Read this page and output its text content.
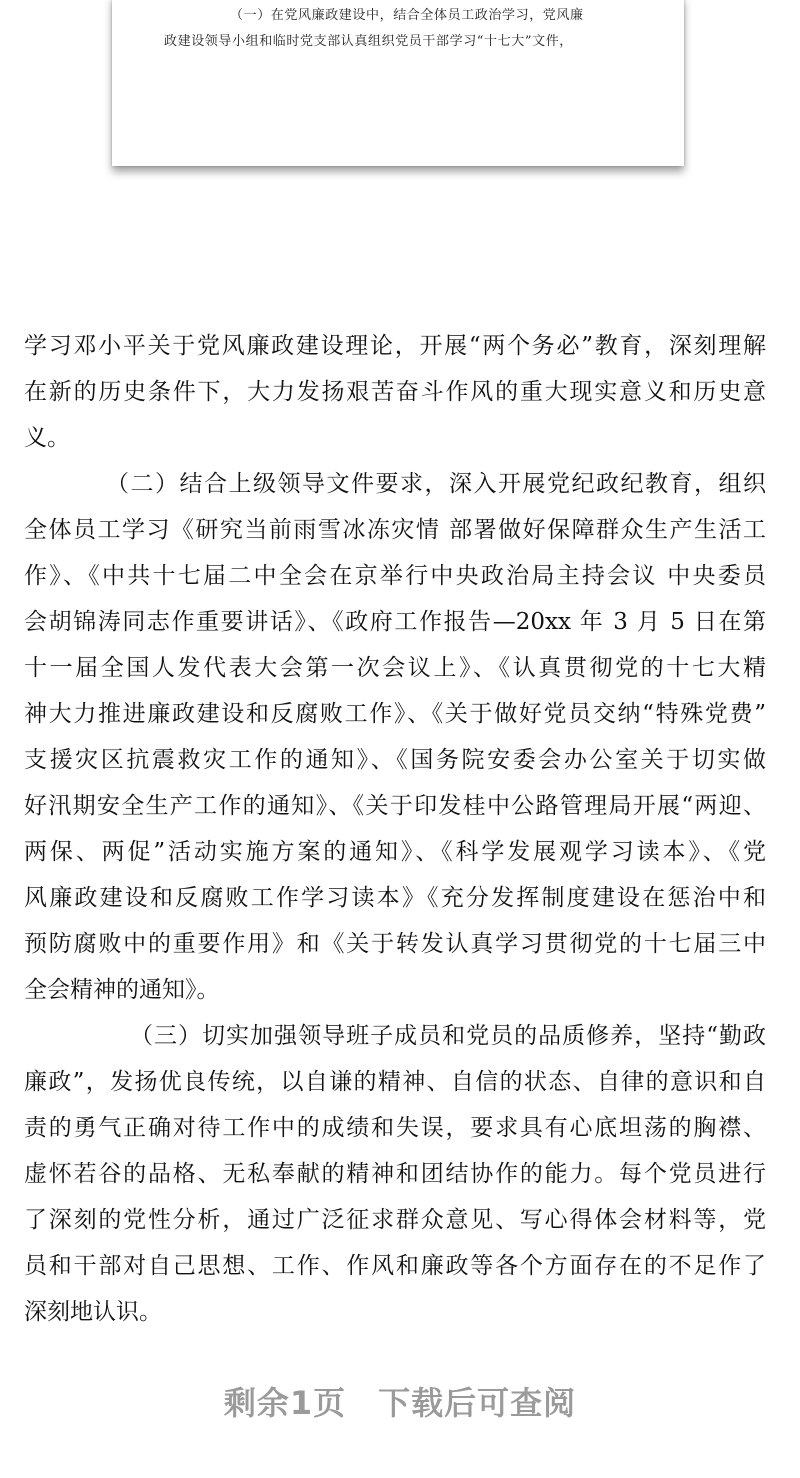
（一）在党风廉政建设中，结合全体员工政治学习，党风廉
政建设领导小组和临时党支部认真组织党员干部学习“十七大”文件，
学习邓小平关于党风廉政建设理论，开展“两个务必”教育，深刻理解
在新的历史条件下，大力发扬艰苦奋斗作风的重大现实意义和历史意
义。
（二）结合上级领导文件要求，深入开展党纪政纪教育，组织
全体员工学习《研究当前雨雪冰冻灾情 部署做好保障群众生产生活工
作》、《中共十七届二中全会在京举行中央政治局主持会议 中央委员
会胡锦涛同志作重要讲话》、《政府工作报告—20xx 年 3 月 5 日在第
十一届全国人发代表大会第一次会议上》、《认真贯彻党的十七大精
神大力推进廉政建设和反腐败工作》、《关于做好党员交纳“特殊党费”
支援灾区抗震救灾工作的通知》、《国务院安委会办公室关于切实做
好汛期安全生产工作的通知》、《关于印发桂中公路管理局开展“两迎、
两保、两促”活动实施方案的通知》、《科学发展观学习读本》、《党
风廉政建设和反腐败工作学习读本》《充分发挥制度建设在惩治中和
预防腐败中的重要作用》和《关于转发认真学习贯彻党的十七届三中
全会精神的通知》。
（三）切实加强领导班子成员和党员的品质修养，坚持“勤政
廉政”，发扬优良传统，以自谦的精神、自信的状态、自律的意识和自
责的勇气正确对待工作中的成绩和失误，要求具有心底坦荡的胸襟、
虚怀若谷的品格、无私奉献的精神和团结协作的能力。每个党员进行
了深刻的党性分析，通过广泛征求群众意见、写心得体会材料等，党
员和干部对自己思想、工作、作风和廉政等各个方面存在的不足作了
深刻地认识。
剩余1页 下载后可查阅
